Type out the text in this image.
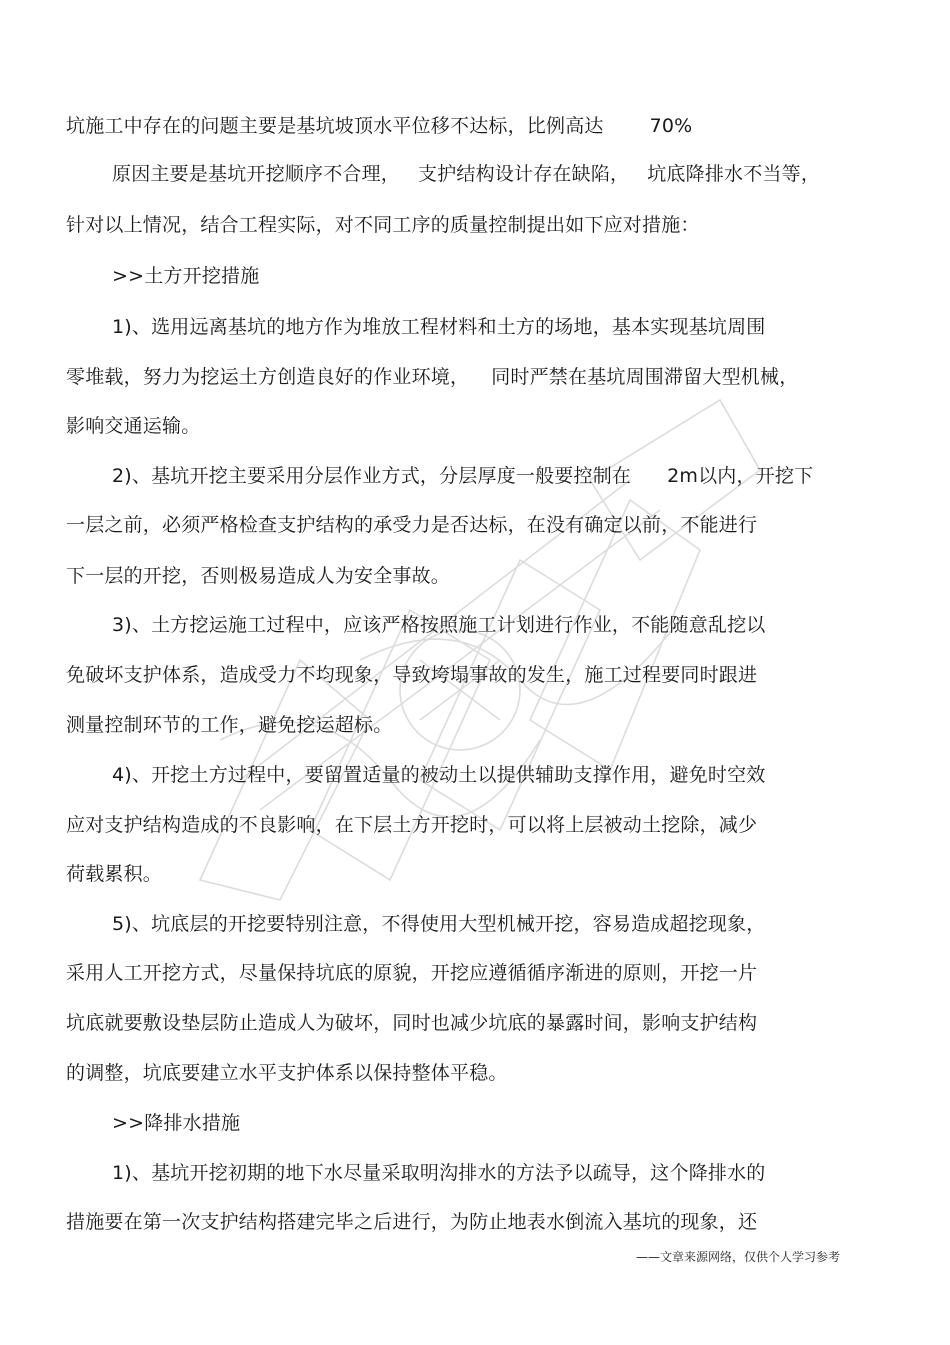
坑施工中存在的问题主要是基坑坡顶水平位移不达标，比例高达 70%
原因主要是基坑开挖顺序不合理， 支护结构设计存在缺陷， 坑底降排水不当等，
针对以上情况，结合工程实际，对不同工序的质量控制提出如下应对措施：
>>土方开挖措施
1)、选用远离基坑的地方作为堆放工程材料和土方的场地，基本实现基坑周围
零堆载，努力为挖运土方创造良好的作业环境， 同时严禁在基坑周围滞留大型机械，
影响交通运输。
2)、基坑开挖主要采用分层作业方式，分层厚度一般要控制在 2m以内，开挖下
一层之前，必须严格检查支护结构的承受力是否达标，在没有确定以前，不能进行
下一层的开挖，否则极易造成人为安全事故。
3)、土方挖运施工过程中，应该严格按照施工计划进行作业，不能随意乱挖以
免破坏支护体系，造成受力不均现象，导致垮塌事故的发生，施工过程要同时跟进
测量控制环节的工作，避免挖运超标。
4)、开挖土方过程中，要留置适量的被动土以提供辅助支撑作用，避免时空效
应对支护结构造成的不良影响，在下层土方开挖时，可以将上层被动土挖除，减少
荷载累积。
5)、坑底层的开挖要特别注意，不得使用大型机械开挖，容易造成超挖现象，
采用人工开挖方式，尽量保持坑底的原貌，开挖应遵循循序渐进的原则，开挖一片
坑底就要敷设垫层防止造成人为破坏，同时也减少坑底的暴露时间，影响支护结构
的调整，坑底要建立水平支护体系以保持整体平稳。
>>降排水措施
1)、基坑开挖初期的地下水尽量采取明沟排水的方法予以疏导，这个降排水的
措施要在第一次支护结构搭建完毕之后进行，为防止地表水倒流入基坑的现象，还
——文章来源网络，仅供个人学习参考
